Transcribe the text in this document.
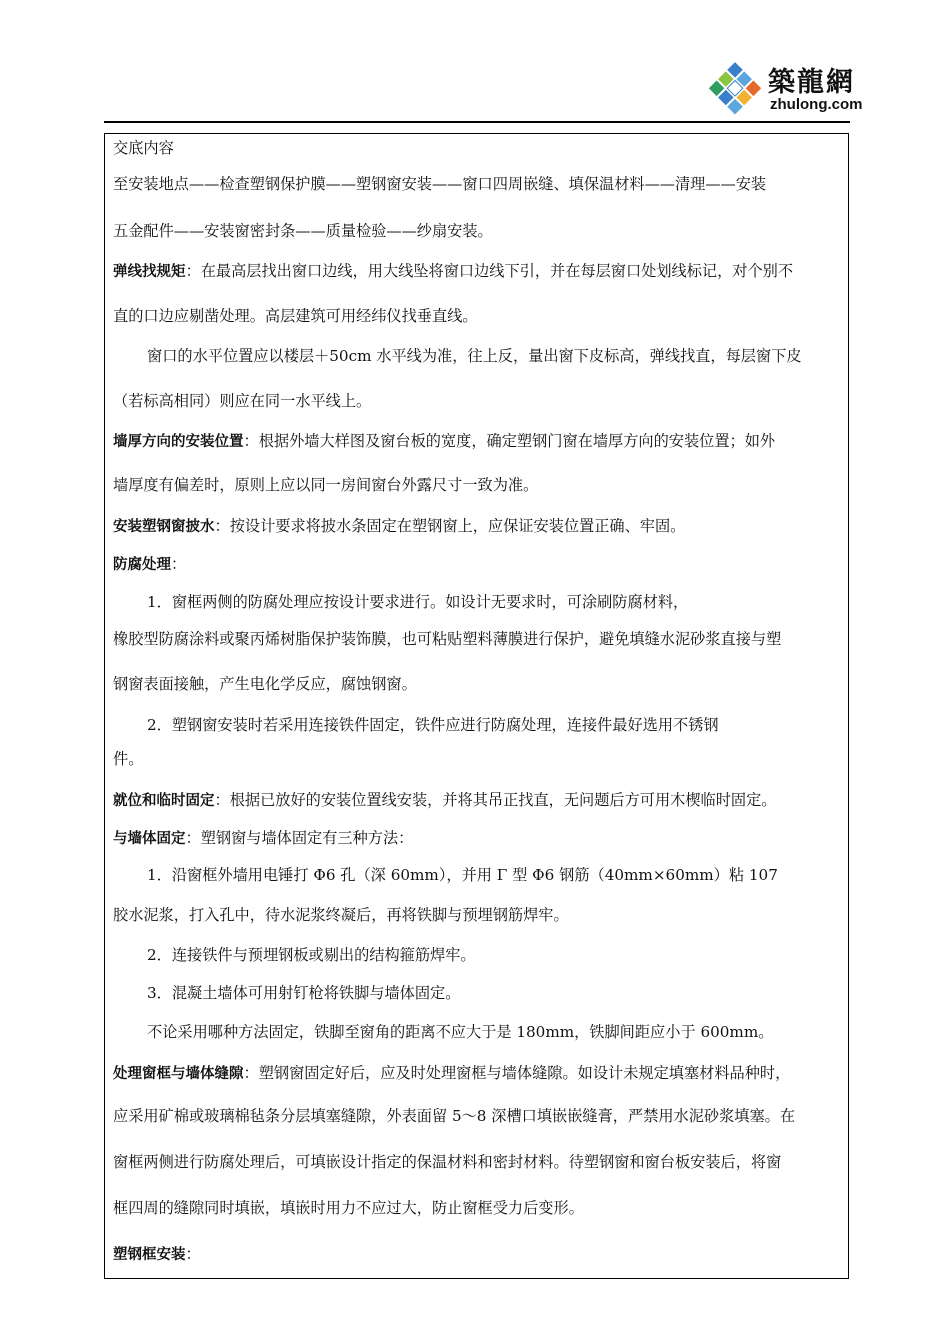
築龍網
zhulong.com

交底内容

至安装地点——检查塑钢保护膜——塑钢窗安装——窗口四周嵌缝、填保温材料——清理——安装

五金配件——安装窗密封条——质量检验——纱扇安装。

弹线找规矩：在最高层找出窗口边线，用大线坠将窗口边线下引，并在每层窗口处划线标记，对个别不

直的口边应剔凿处理。高层建筑可用经纬仪找垂直线。

窗口的水平位置应以楼层＋50cm 水平线为准，往上反，量出窗下皮标高，弹线找直，每层窗下皮

（若标高相同）则应在同一水平线上。

墙厚方向的安装位置：根据外墙大样图及窗台板的宽度，确定塑钢门窗在墙厚方向的安装位置；如外

墙厚度有偏差时，原则上应以同一房间窗台外露尺寸一致为准。

安装塑钢窗披水：按设计要求将披水条固定在塑钢窗上，应保证安装位置正确、牢固。

防腐处理：

1．窗框两侧的防腐处理应按设计要求进行。如设计无要求时，可涂刷防腐材料，

橡胶型防腐涂料或聚丙烯树脂保护装饰膜，也可粘贴塑料薄膜进行保护，避免填缝水泥砂浆直接与塑

钢窗表面接触，产生电化学反应，腐蚀钢窗。

2．塑钢窗安装时若采用连接铁件固定，铁件应进行防腐处理，连接件最好选用不锈钢

件。

就位和临时固定：根据已放好的安装位置线安装，并将其吊正找直，无问题后方可用木楔临时固定。

与墙体固定：塑钢窗与墙体固定有三种方法：

1．沿窗框外墙用电锤打 Φ6 孔（深 60mm），并用 Γ 型 Φ6 钢筋（40mm×60mm）粘 107

胶水泥浆，打入孔中，待水泥浆终凝后，再将铁脚与预埋钢筋焊牢。

2．连接铁件与预埋钢板或剔出的结构箍筋焊牢。

3．混凝土墙体可用射钉枪将铁脚与墙体固定。

不论采用哪种方法固定，铁脚至窗角的距离不应大于是 180mm，铁脚间距应小于 600mm。

处理窗框与墙体缝隙：塑钢窗固定好后，应及时处理窗框与墙体缝隙。如设计未规定填塞材料品种时，

应采用矿棉或玻璃棉毡条分层填塞缝隙，外表面留 5～8 深槽口填嵌嵌缝膏，严禁用水泥砂浆填塞。在

窗框两侧进行防腐处理后，可填嵌设计指定的保温材料和密封材料。待塑钢窗和窗台板安装后，将窗

框四周的缝隙同时填嵌，填嵌时用力不应过大，防止窗框受力后变形。

塑钢框安装：
